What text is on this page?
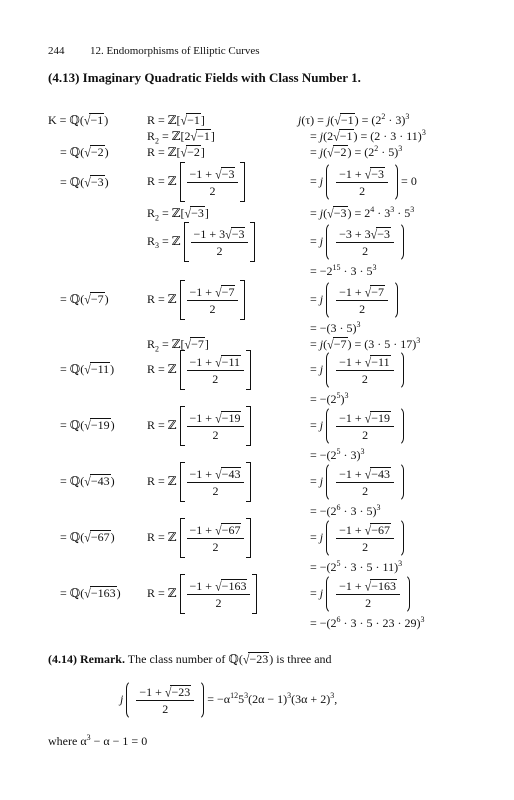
244 12. Endomorphisms of Elliptic Curves
(4.13) Imaginary Quadratic Fields with Class Number 1.
K = ℚ(√−1)	R = ℤ[√−1]	$j(\tau) = j(√-1) = (2^2 \cdot 3)^3$
$R_2$ = ℤ[2√−1]	= $j(2√-1) = (2 \cdot 3 \cdot 11)^3$
= ℚ(√−2)	R = ℤ[√−2]	= $j(√-2) = (2^2 \cdot 5)^3$
= ℚ(√−3)	R = ℤ $\frac{-1 + √-3}{2}$	= j $\frac{-1 + √-3}{2} = 0$
$R_2$ = ℤ[√−3]	= $j(√-3) = 2^4 \cdot 3^3 \cdot 5^3$
$R_3$ = ℤ $\frac{-1 + 3√-3}{2}$	= j $\frac{-3 + 3√-3}{2}$
= $-2^{15} \cdot 3 \cdot 5^3$
= ℚ(√−7)	R = ℤ $\frac{-1 + √-7}{2}$	= j $\frac{-1 + √-7}{2}$
= $-(3 \cdot 5)^3$
$R_2$ = ℤ[√−7]	= $j(√-7) = (3 \cdot 5 \cdot 17)^3$
= ℚ(√−11)	R = ℤ $\frac{-1 + √-11}{2}$	= j $\frac{-1 + √-11}{2}$
= $-(2^5)^3$
= ℚ(√−19)	R = ℤ $\frac{-1 + √-19}{2}$	= j $\frac{-1 + √-19}{2}$
= $-(2^5 \cdot 3)^3$
= ℚ(√−43)	R = ℤ $\frac{-1 + √-43}{2}$	= j $\frac{-1 + √-43}{2}$
= $-(2^6 \cdot 3 \cdot 5)^3$
= ℚ(√−67)	R = ℤ $\frac{-1 + √-67}{2}$	= j $\frac{-1 + √-67}{2}$
= $-(2^5 \cdot 3 \cdot 5 \cdot 11)^3$
= ℚ(√−163) R = ℤ $\frac{-1 + √-163}{2}$	= j $\frac{-1 + √-163}{2}$
= $-(2^6 \cdot 3 \cdot 5 \cdot 23 \cdot 29)^3$
(4.14) Remark. The class number of ℚ(√−23) is three and
j $\frac{-1 + √-23}{2} = -\alpha^{12}5^3(2\alpha - 1)^3(3\alpha + 2)^3$,
where $\alpha^3 - \alpha - 1 = 0$
